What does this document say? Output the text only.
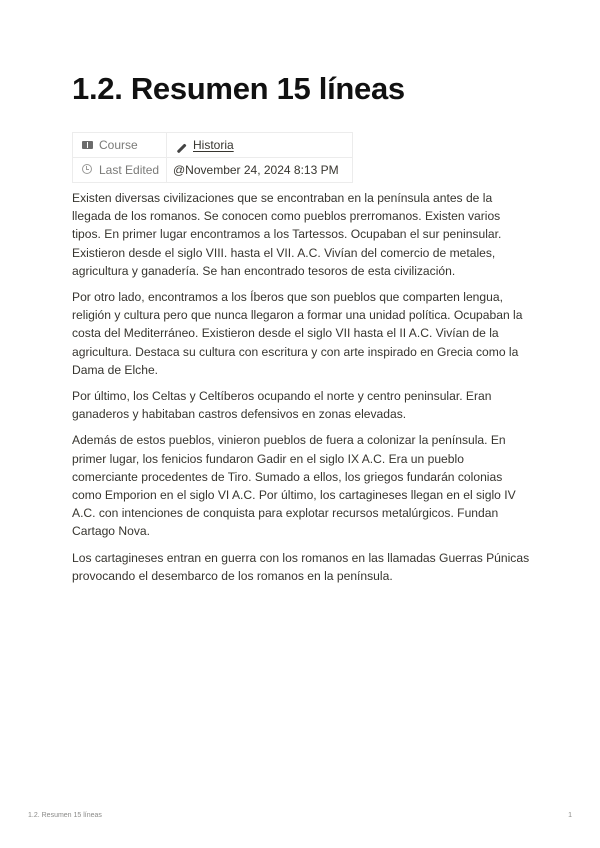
1.2. Resumen 15 líneas
Course	Historia
Last Edited	@November 24, 2024 8:13 PM

Existen diversas civilizaciones que se encontraban en la península antes de la llegada de los romanos. Se conocen como pueblos prerromanos. Existen varios tipos. En primer lugar encontramos a los Tartessos. Ocupaban el sur peninsular. Existieron desde el siglo VIII. hasta el VII. A.C. Vivían del comercio de metales, agricultura y ganadería. Se han encontrado tesoros de esta civilización.

Por otro lado, encontramos a los Íberos que son pueblos que comparten lengua, religión y cultura pero que nunca llegaron a formar una unidad política. Ocupaban la costa del Mediterráneo. Existieron desde el siglo VII hasta el II A.C. Vivían de la agricultura. Destaca su cultura con escritura y con arte inspirado en Grecia como la Dama de Elche.

Por último, los Celtas y Celtíberos ocupando el norte y centro peninsular. Eran ganaderos y habitaban castros defensivos en zonas elevadas.

Además de estos pueblos, vinieron pueblos de fuera a colonizar la península. En primer lugar, los fenicios fundaron Gadir en el siglo IX A.C. Era un pueblo comerciante procedentes de Tiro. Sumado a ellos, los griegos fundarán colonias como Emporion en el siglo VI A.C. Por último, los cartagineses llegan en el siglo IV A.C. con intenciones de conquista para explotar recursos metalúrgicos. Fundan Cartago Nova.

Los cartagineses entran en guerra con los romanos en las llamadas Guerras Púnicas provocando el desembarco de los romanos en la península.

1.2. Resumen 15 líneas	1
